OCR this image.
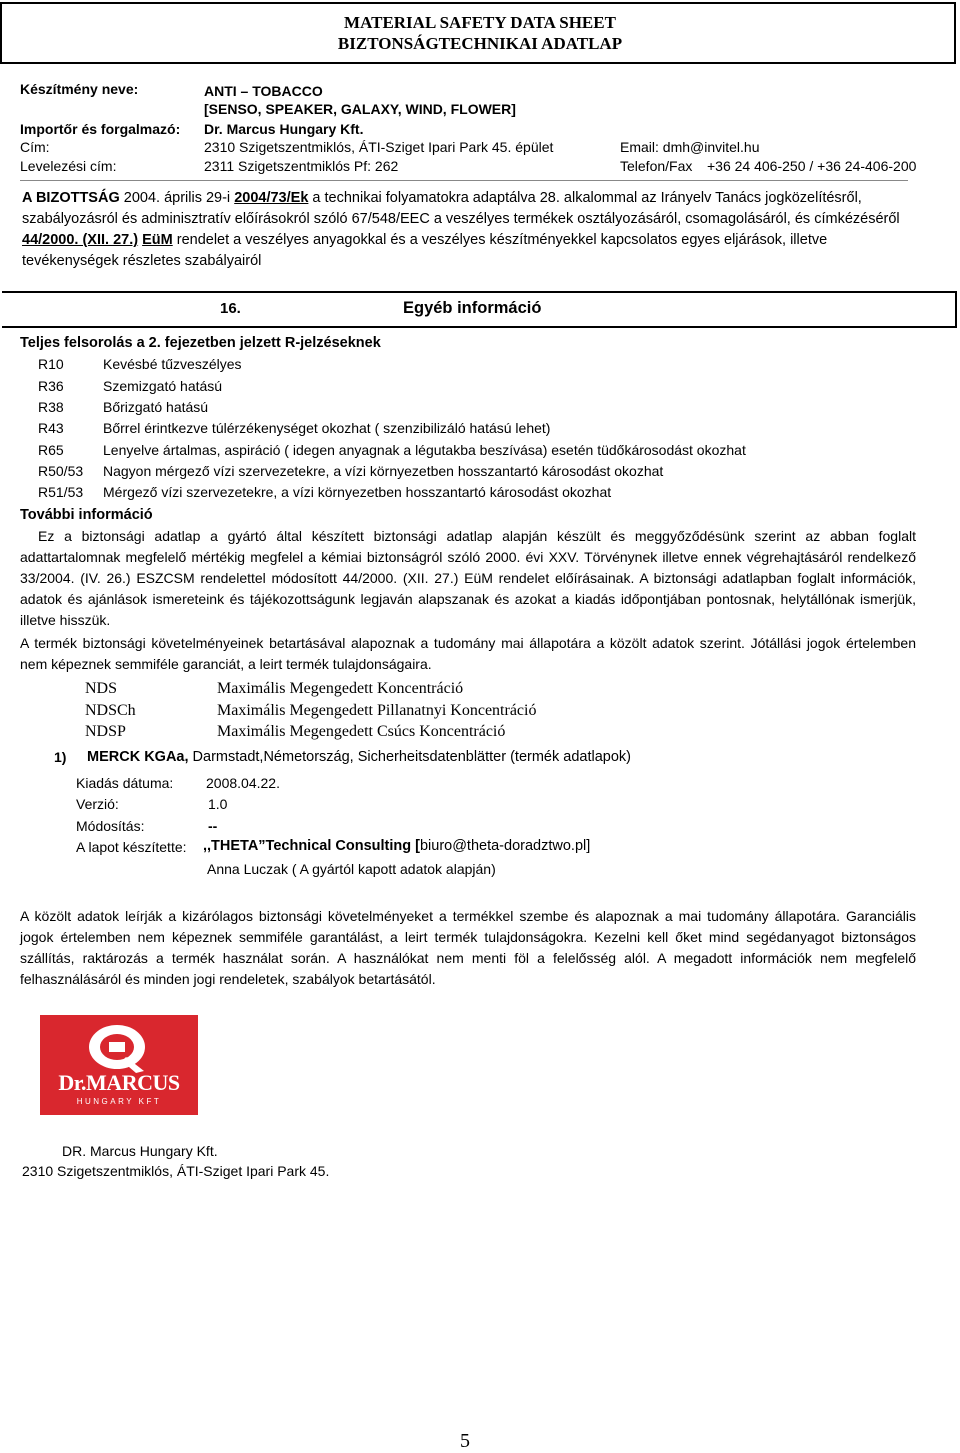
MATERIAL SAFETY DATA SHEET
BIZTONSÁGTECHNIKAI ADATLAP
Készítmény neve:	ANTI – TOBACCO
[SENSO, SPEAKER, GALAXY, WIND, FLOWER]
Importőr és forgalmazó: Dr. Marcus Hungary Kft.
Cím:	2310 Szigetszentmiklós, ÁTI-Sziget Ipari Park 45. épület	Email: dmh@invitel.hu
Levelezési cím:	2311 Szigetszentmiklós Pf: 262	Telefon/Fax +36 24 406-250 / +36 24-406-200
A BIZOTTSÁG 2004. április 29-i 2004/73/Ek a technikai folyamatokra adaptálva 28. alkalommal az Irányelv Tanács jogközelítésről, szabályozásról és adminisztratív előírásokról szóló 67/548/EEC a veszélyes termékek osztályozásáról, csomagolásáról, és címkézéséről
44/2000. (XII. 27.) EüM rendelet a veszélyes anyagokkal és a veszélyes készítményekkel kapcsolatos egyes eljárások, illetve tevékenységek részletes szabályairól
16.	Egyéb információ
Teljes felsorolás a 2. fejezetben jelzett R-jelzéseknek
R10	Kevésbé tűzveszélyes
R36	Szemizgató hatású
R38	Bőrizgató hatású
R43	Bőrrel érintkezve túlérzékenységet okozhat ( szenzibilizáló hatású lehet)
R65	Lenyelve ártalmas, aspiráció ( idegen anyagnak a légutakba beszívása) esetén tüdőkárosodást okozhat
R50/53 Nagyon mérgező vízi szervezetekre, a vízi környezetben hosszantartó károsodást okozhat
R51/53 Mérgező vízi szervezetekre, a vízi környezetben hosszantartó károsodást okozhat
További információ
Ez a biztonsági adatlap a gyártó által készített biztonsági adatlap alapján készült és meggyőződésünk szerint az abban foglalt adattartalomnak megfelelő mértékig megfelel a kémiai biztonságról szóló 2000. évi XXV. Törvénynek illetve ennek végrehajtásáról rendelkező 33/2004. (IV. 26.) ESZCSM rendelettel módosított 44/2000. (XII. 27.) EüM rendelet előírásainak. A biztonsági adatlapban foglalt információk, adatok és ajánlások ismereteink és tájékozottságunk legjaván alapszanak és azokat a kiadás időpontjában pontosnak, helytállónak ismerjük, illetve hisszük.
A termék biztonsági követelményeinek betartásával alapoznak a tudomány mai állapotára a közölt adatok szerint. Jótállási jogok értelemben nem képeznek semmiféle garanciát, a leirt termék tulajdonságaira.
NDS	Maximális Megengedett Koncentráció
NDSCh	Maximális Megengedett Pillanatnyi Koncentráció
NDSP	Maximális Megengedett Csúcs Koncentráció
1) MERCK KGAa, Darmstadt,Németország, Sicherheitsdatenblätter (termék adatlapok)
Kiadás dátuma: 2008.04.22.
Verzió:	1.0
Módosítás:	--
A lapot készítette: ,,THETA”Technical Consulting [biuro@theta-doradztwo.pl]
Anna Luczak ( A gyártól kapott adatok alapján)
A közölt adatok leírják a kizárólagos biztonsági követelményeket a termékkel szembe és alapoznak a mai tudomány állapotára. Garanciális jogok értelemben nem képeznek semmiféle garantálást, a leirt termék tulajdonságokra. Kezelni kell őket mind segédanyagot biztonságos szállítás, raktározás a termék használat során. A használókat nem menti föl a felelősség alól. A megadott információk nem megfelelő felhasználásáról és minden jogi rendeletek, szabályok betartásától.
Dr.MARCUS
HUNGARY KFT
DR. Marcus Hungary Kft.
2310 Szigetszentmiklós, ÁTI-Sziget Ipari Park 45.
5
